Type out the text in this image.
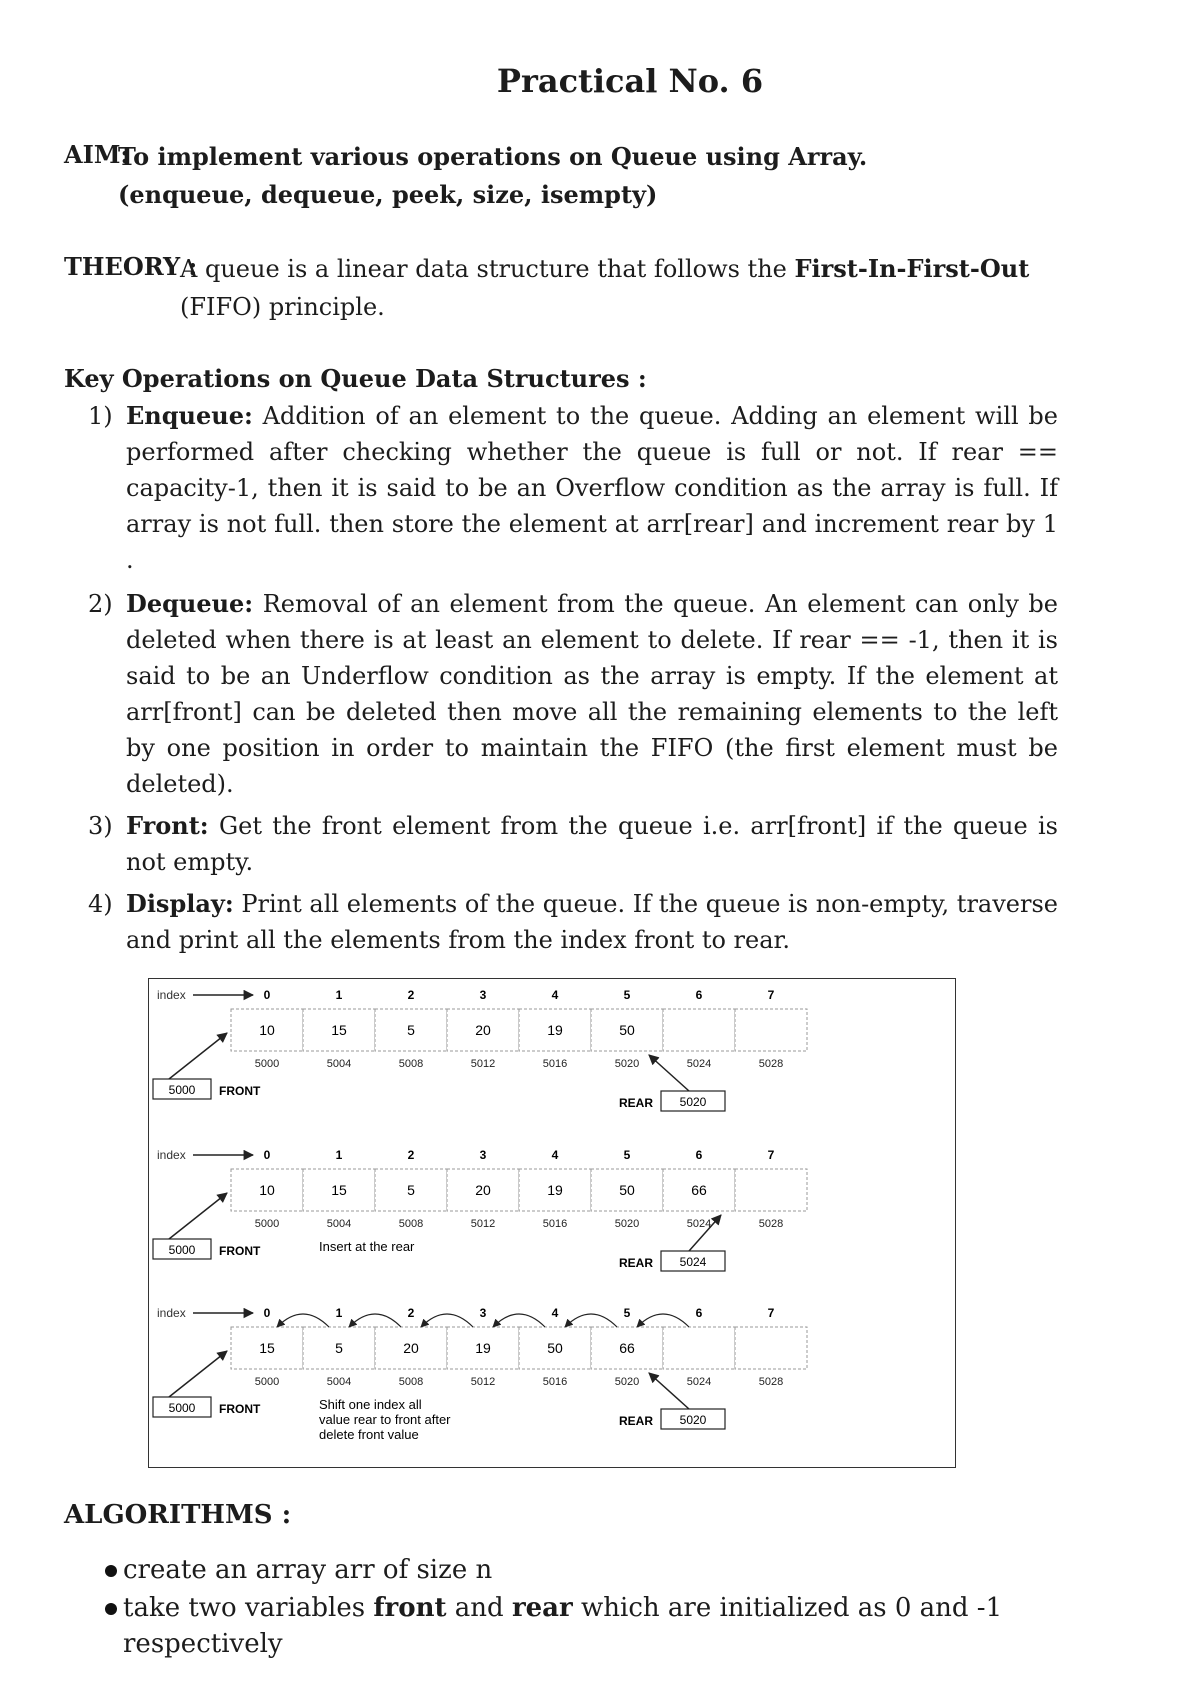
Practical No. 6
AIM:
To implement various operations on Queue using Array.
(enqueue, dequeue, peek, size, isempty)
THEORY :
A queue is a linear data structure that follows the First-In-First-Out
(FIFO) principle.
Key Operations on Queue Data Structures :
1) Enqueue: Addition of an element to the queue. Adding an element will be performed after checking whether the queue is full or not. If rear == capacity-1, then it is said to be an Overflow condition as the array is full. If array is not full. then store the element at arr[rear] and increment rear by 1 .
2) Dequeue: Removal of an element from the queue. An element can only be deleted when there is at least an element to delete. If rear == -1, then it is said to be an Underflow condition as the array is empty. If the element at arr[front] can be deleted then move all the remaining elements to the left by one position in order to maintain the FIFO (the first element must be deleted).
3) Front: Get the front element from the queue i.e. arr[front] if the queue is not empty.
4) Display: Print all elements of the queue. If the queue is non-empty, traverse and print all the elements from the index front to rear.
index	0	1	2	3	4	5	6	7
10	15	5	20	19	50
5000	5004	5008	5012	5016	5020	5024	5028
5000 FRONT
REAR 5020
index	0	1	2	3	4	5	6	7
10	15	5	20	19	50	66
5000	5004	5008	5012	5016	5020	5024	5028
5000 FRONT
REAR 5024
Insert at the rear
index	0	1	2	3	4	5	6	7
15	5	20	19	50	66
5000	5004	5008	5012	5016	5020	5024	5028
5000 FRONT
REAR 5020
Shift one index all
value rear to front after
delete front value
ALGORITHMS :
create an array arr of size n
take two variables front and rear which are initialized as 0 and -1
respectively
